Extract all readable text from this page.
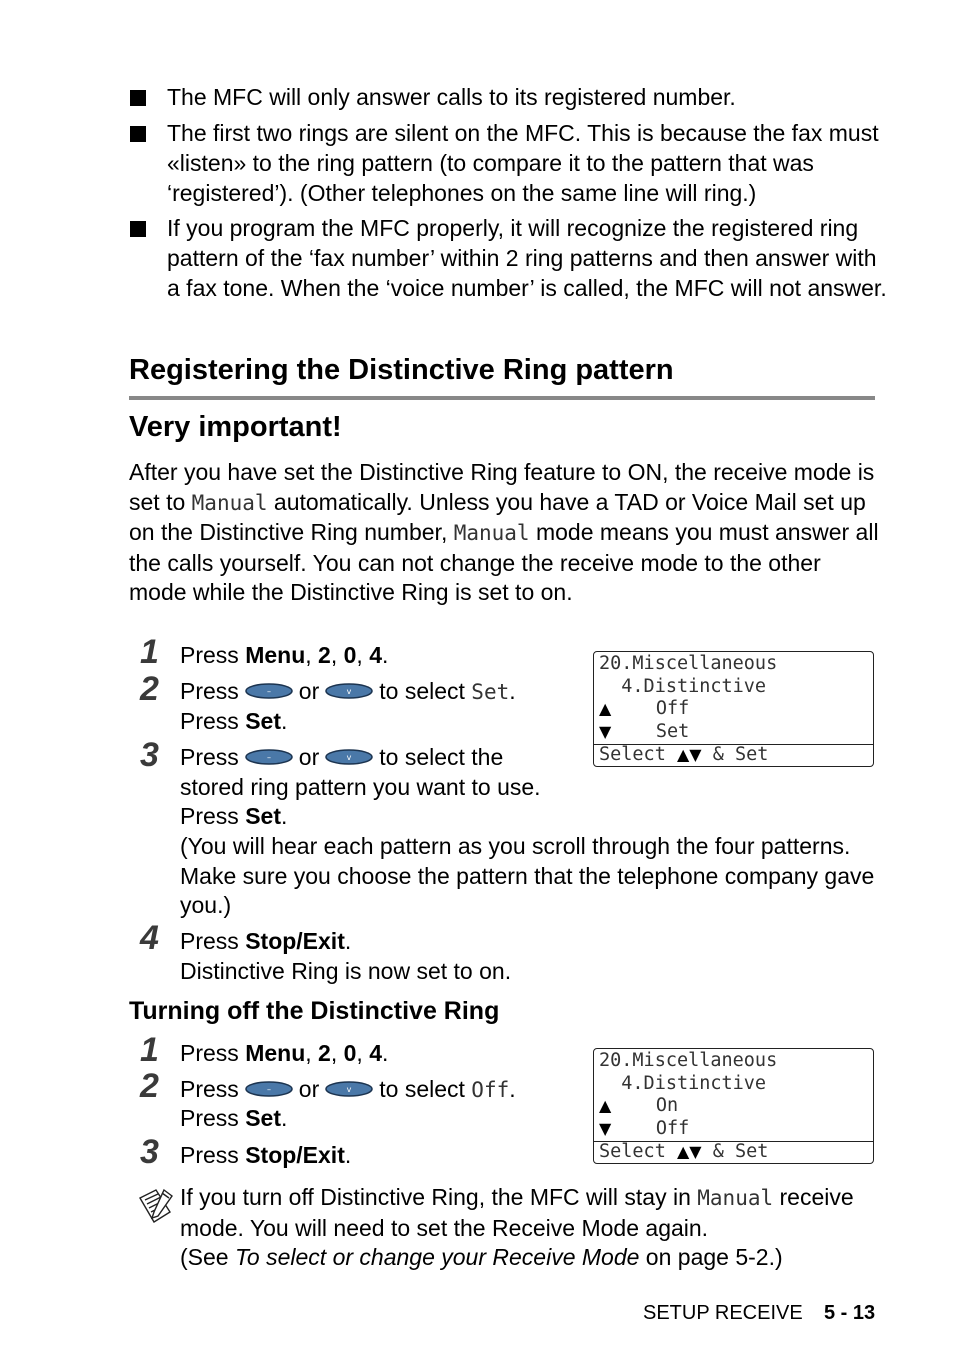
The MFC will only answer calls to its registered number.
The first two rings are silent on the MFC. This is because the fax must «listen» to the ring pattern (to compare it to the pattern that was ‘registered’). (Other telephones on the same line will ring.)
If you program the MFC properly, it will recognize the registered ring pattern of the ‘fax number’ within 2 ring patterns and then answer with a fax tone. When the ‘voice number’ is called, the MFC will not answer.
Registering the Distinctive Ring pattern
Very important!
After you have set the Distinctive Ring feature to ON, the receive mode is set to Manual automatically. Unless you have a TAD or Voice Mail set up on the Distinctive Ring number, Manual mode means you must answer all the calls yourself. You can not change the receive mode to the other mode while the Distinctive Ring is set to on.
1 Press Menu, 2, 0, 4.
2 Press	– or	v to select Set.
Press Set.
3 Press	– or	v to select the
stored ring pattern you want to use.
Press Set.
(You will hear each pattern as you scroll through the four patterns. Make sure you choose the pattern that the telephone company gave you.)
4 Press Stop/Exit.
Distinctive Ring is now set to on.
20.Miscellaneous
4.Distinctive
▲    Off
▼    Set
Select ▲▼ & Set
Turning off the Distinctive Ring
1 Press Menu, 2, 0, 4.
2 Press	– or	v to select Off.
Press Set.
3 Press Stop/Exit.
20.Miscellaneous
4.Distinctive
▲    On
▼    Off
Select ▲▼ & Set
If you turn off Distinctive Ring, the MFC will stay in Manual receive mode. You will need to set the Receive Mode again.
(See To select or change your Receive Mode on page 5-2.)
SETUP RECEIVE 5 - 13
